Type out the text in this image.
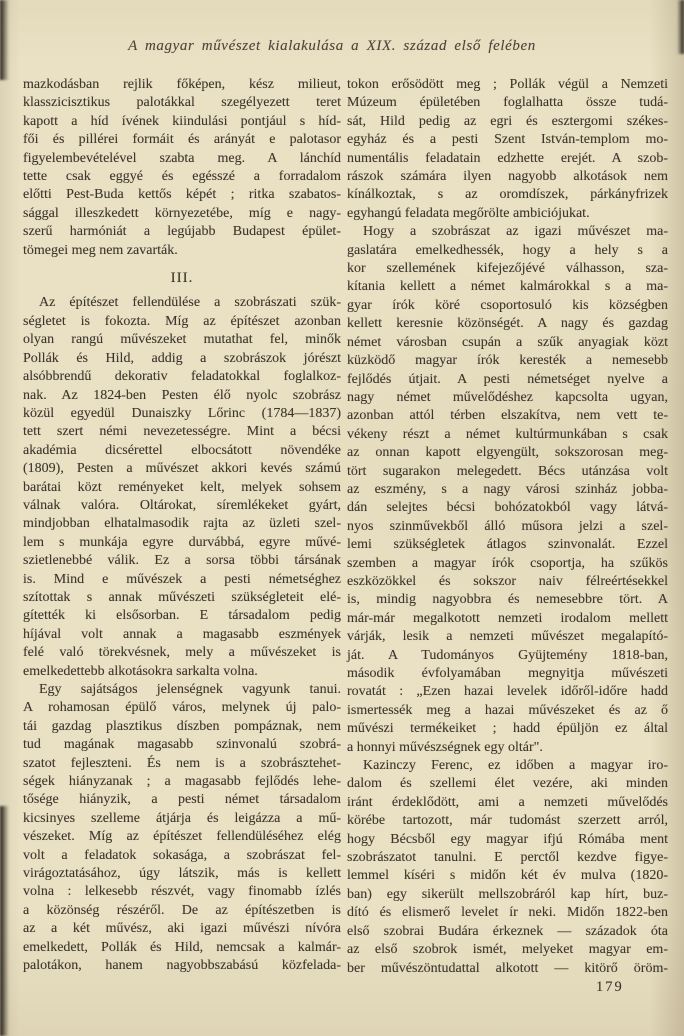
A magyar művészet kialakulása a XIX. század első felében
mazkodásban rejlik főképen, kész milieut,
klasszicisztikus palotákkal szegélyezett teret
kapott a híd ívének kiindulási pontjául s híd-
fői és pillérei formáit és arányát e palotasor
figyelembevételével szabta meg. A lánchíd
tette csak eggyé és egésszé a forradalom
előtti Pest-Buda kettős képét ; ritka szabatos-
sággal illeszkedett környezetébe, míg e nagy-
szerű harmóniát a legújabb Budapest épület-
tömegei meg nem zavarták.
III.
Az építészet fellendülése a szobrászati szük-
ségletet is fokozta. Míg az építészet azonban
olyan rangú művészeket mutathat fel, minők
Pollák és Hild, addig a szobrászok jórészt
alsóbbrendű dekorativ feladatokkal foglalkoz-
nak. Az 1824-ben Pesten élő nyolc szobrász
közül egyedül Dunaiszky Lőrinc (1784—1837)
tett szert némi nevezetességre. Mint a bécsi
akadémia dicsérettel elbocsátott növendéke
(1809), Pesten a művészet akkori kevés számú
barátai közt reményeket kelt, melyek sohsem
válnak valóra. Oltárokat, síremlékeket gyárt,
mindjobban elhatalmasodik rajta az üzleti szel-
lem s munkája egyre durvábbá, egyre művé-
szietlenebbé válik. Ez a sorsa többi társának
is. Mind e művészek a pesti németséghez
szítottak s annak művészeti szükségleteit elé-
gítették ki elsősorban. E társadalom pedig
híjával volt annak a magasabb eszmények
felé való törekvésnek, mely a művészeket is
emelkedettebb alkotásokra sarkalta volna.
Egy sajátságos jelenségnek vagyunk tanui.
A rohamosan épülő város, melynek új palo-
tái gazdag plasztikus díszben pompáznak, nem
tud magának magasabb szinvonalú szobrá-
szatot fejleszteni. És nem is a szobrásztehet-
ségek hiányzanak ; a magasabb fejlődés lehe-
tősége hiányzik, a pesti német társadalom
kicsinyes szelleme átjárja és leigázza a mű-
vészeket. Míg az építészet fellendüléséhez elég
volt a feladatok sokasága, a szobrászat fel-
virágoztatásához, úgy látszik, más is kellett
volna : lelkesebb részvét, vagy finomabb ízlés
a közönség részéről. De az építészetben is
az a két művész, aki igazi művészi nívóra
emelkedett, Pollák és Hild, nemcsak a kalmár-
palotákon, hanem nagyobbszabású közfelada-
tokon erősödött meg ; Pollák végül a Nemzeti
Múzeum épületében foglalhatta össze tudá-
sát, Hild pedig az egri és esztergomi székes-
egyház és a pesti Szent István-templom mo-
numentális feladatain edzhette erejét. A szob-
rászok számára ilyen nagyobb alkotások nem
kínálkoztak, s az oromdíszek, párkányfrizek
egyhangú feladata megőrölte ambiciójukat.
Hogy a szobrászat az igazi művészet ma-
gaslatára emelkedhessék, hogy a hely s a
kor szellemének kifejezőjévé válhasson, sza-
kítania kellett a német kalmárokkal s a ma-
gyar írók köré csoportosuló kis községben
kellett keresnie közönségét. A nagy és gazdag
német városban csupán a szűk anyagiak közt
küzködő magyar írók keresték a nemesebb
fejlődés útjait. A pesti németséget nyelve a
nagy német művelődéshez kapcsolta ugyan,
azonban attól térben elszakítva, nem vett te-
vékeny részt a német kultúrmunkában s csak
az onnan kapott elgyengült, sokszorosan meg-
tört sugarakon melegedett. Bécs utánzása volt
az eszmény, s a nagy városi szinház jobba-
dán selejtes bécsi bohózatokból vagy látvá-
nyos szinművekből álló műsora jelzi a szel-
lemi szükségletek átlagos szinvonalát. Ezzel
szemben a magyar írók csoportja, ha szűkös
eszközökkel és sokszor naiv félreértésekkel
is, mindig nagyobbra és nemesebbre tört. A
már-már megalkotott nemzeti irodalom mellett
várják, lesik a nemzeti művészet megalapító-
ját. A Tudományos Gyüjtemény 1818-ban,
második évfolyamában megnyitja művészeti
rovatát : „Ezen hazai levelek időről-időre hadd
ismertessék meg a hazai művészeket és az ő
művészi termékeiket ; hadd épüljön ez által
a honnyi művészségnek egy oltár".
Kazinczy Ferenc, ez időben a magyar iro-
dalom és szellemi élet vezére, aki minden
iránt érdeklődött, ami a nemzeti művelődés
körébe tartozott, már tudomást szerzett arról,
hogy Bécsből egy magyar ifjú Rómába ment
szobrászatot tanulni. E perctől kezdve figye-
lemmel kíséri s midőn két év mulva (1820-
ban) egy sikerült mellszobráról kap hírt, buz-
dító és elismerő levelet ír neki. Midőn 1822-ben
első szobrai Budára érkeznek — századok óta
az első szobrok ismét, melyeket magyar em-
ber művészöntudattal alkotott — kitörő öröm-
179
